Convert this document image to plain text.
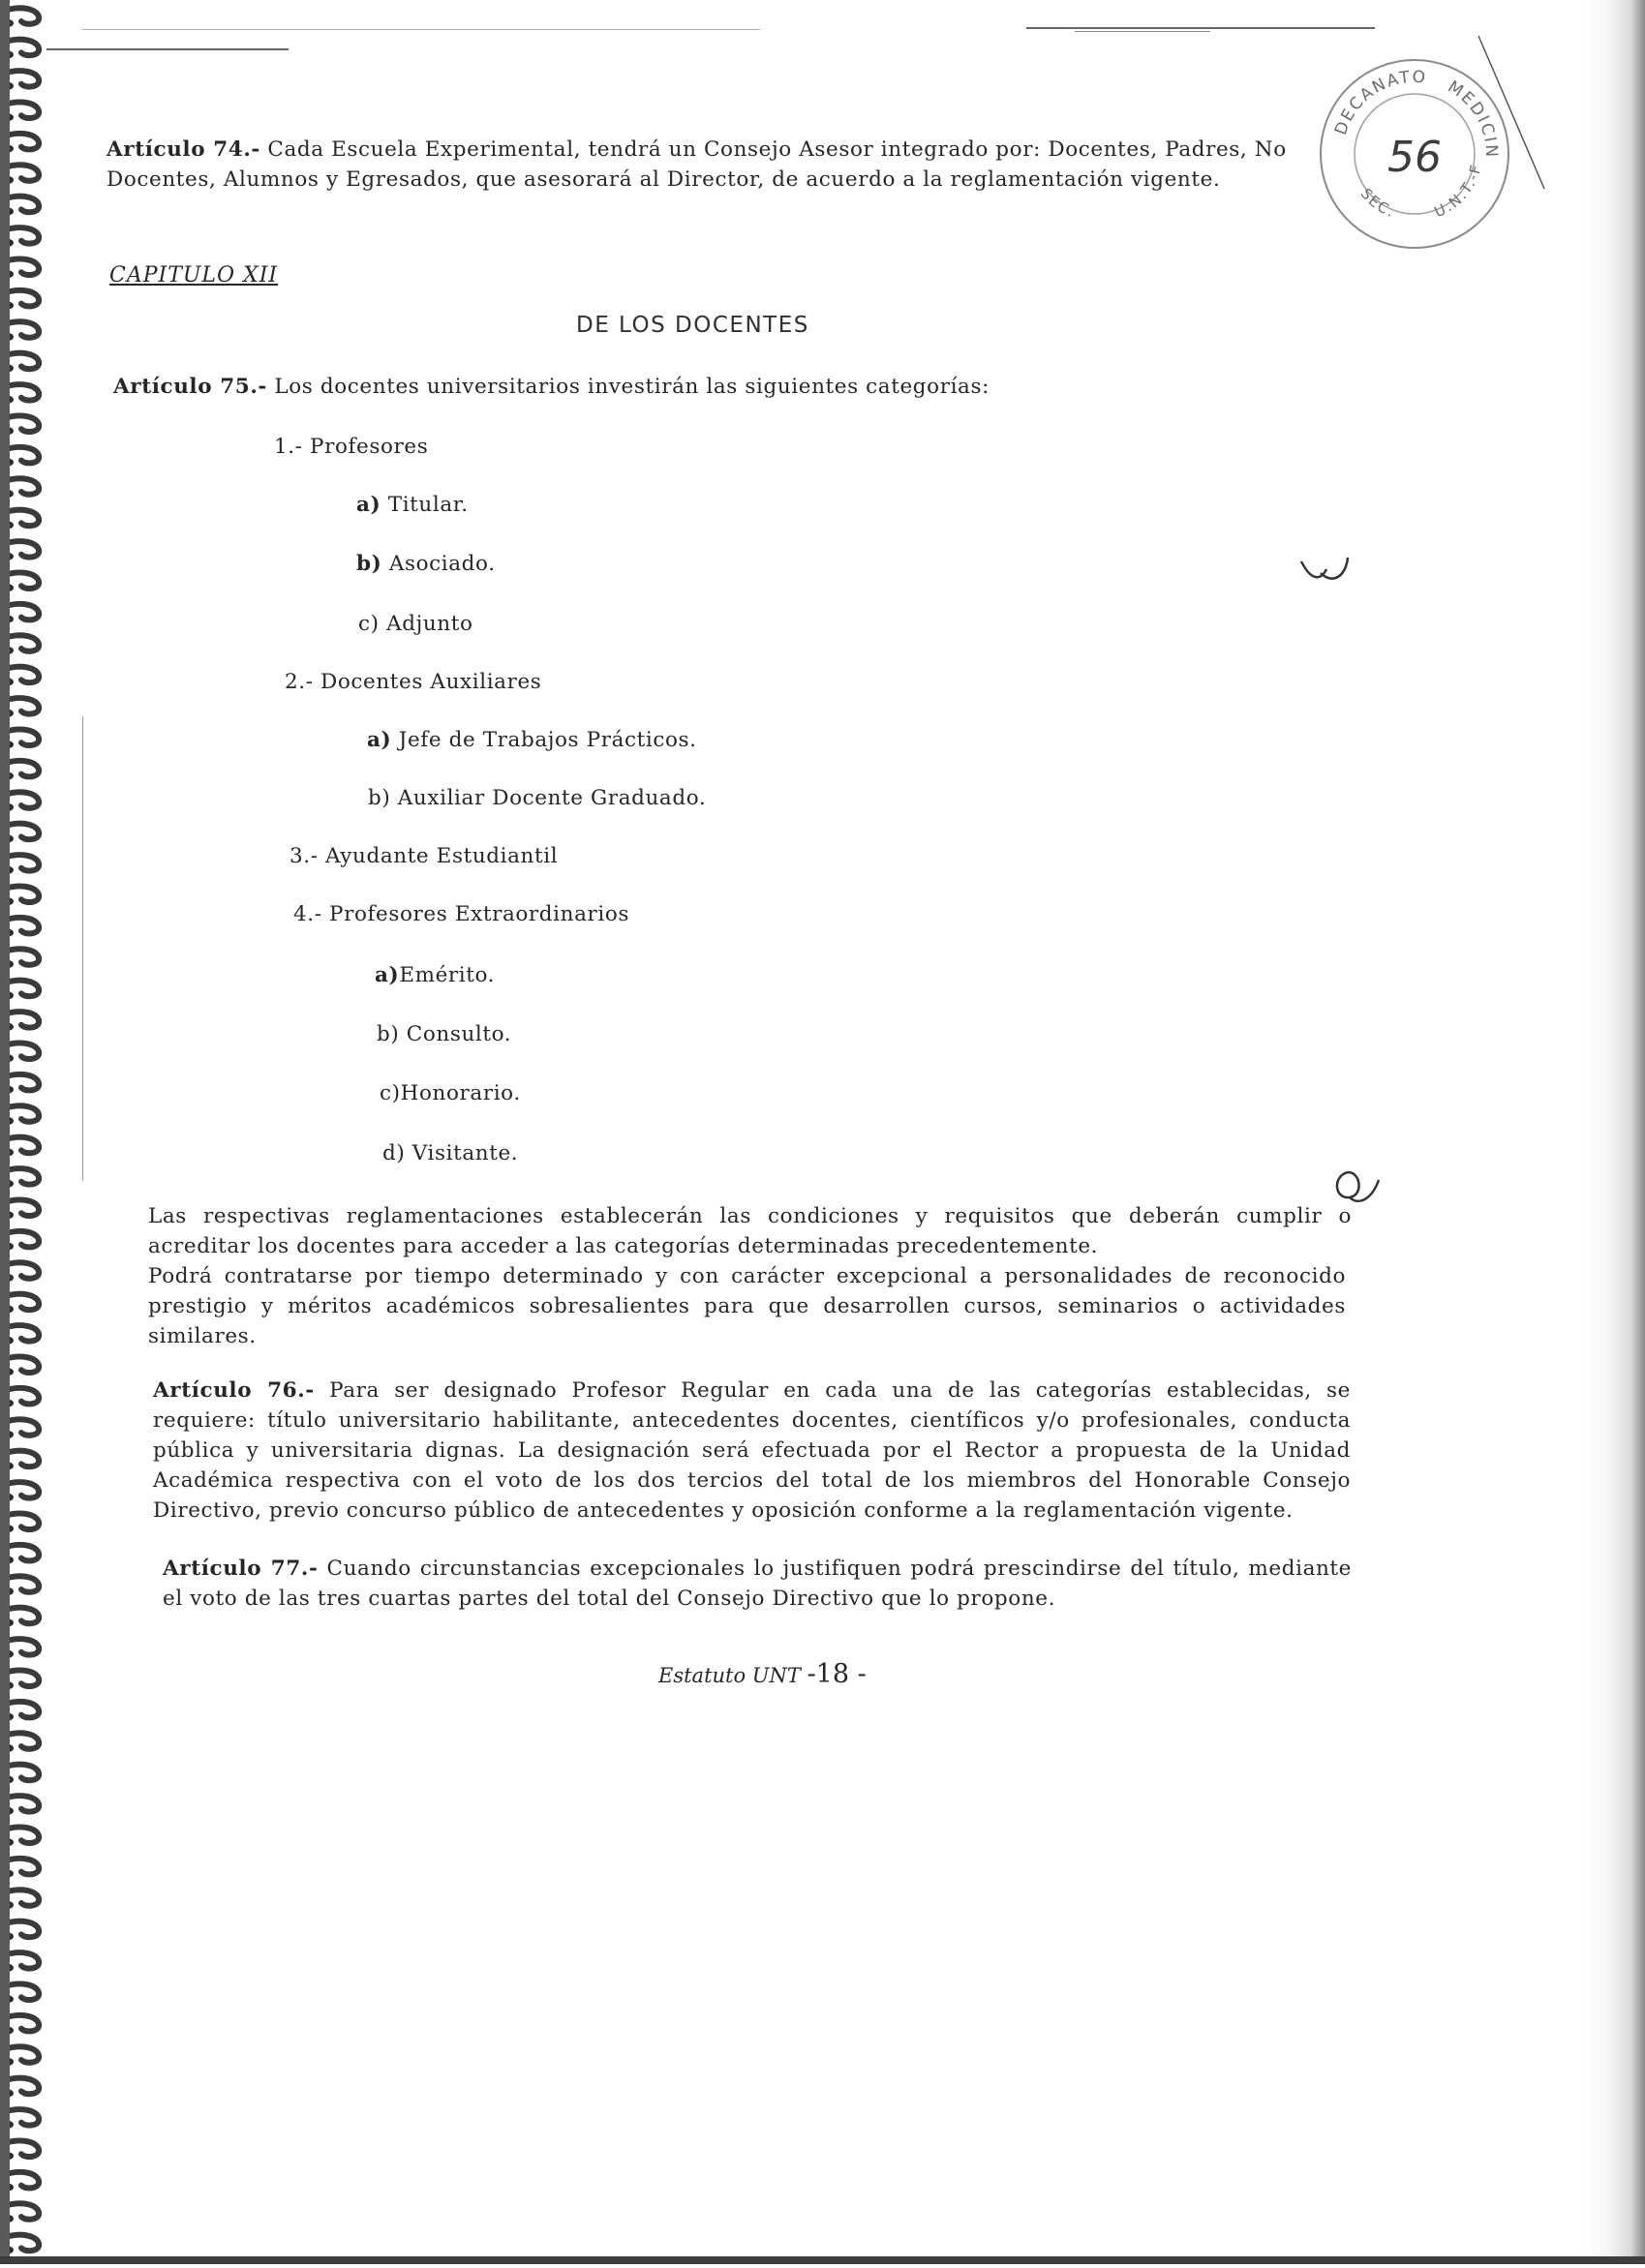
DECANATO MEDICIN
SEC. U.N.T.-F
56

Artículo 74.- Cada Escuela Experimental, tendrá un Consejo Asesor integrado por: Docentes, Padres, No

Docentes, Alumnos y Egresados, que asesorará al Director, de acuerdo a la reglamentación vigente.

CAPITULO XII

DE LOS DOCENTES

Artículo 75.- Los docentes universitarios investirán las siguientes categorías:

1.- Profesores

a) Titular.

b) Asociado.

c) Adjunto

2.- Docentes Auxiliares

a) Jefe de Trabajos Prácticos.

b) Auxiliar Docente Graduado.

3.- Ayudante Estudiantil

4.- Profesores Extraordinarios

a)Emérito.

b) Consulto.

c)Honorario.

d) Visitante.

Las respectivas reglamentaciones establecerán las condiciones y requisitos que deberán cumplir o acreditar los docentes para acceder a las categorías determinadas precedentemente.

Podrá contratarse por tiempo determinado y con carácter excepcional a personalidades de reconocido prestigio y méritos académicos sobresalientes para que desarrollen cursos, seminarios o actividades similares.

Artículo 76.- Para ser designado Profesor Regular en cada una de las categorías establecidas, se requiere: título universitario habilitante, antecedentes docentes, científicos y/o profesionales, conducta pública y universitaria dignas. La designación será efectuada por el Rector a propuesta de la Unidad Académica respectiva con el voto de los dos tercios del total de los miembros del Honorable Consejo Directivo, previo concurso público de antecedentes y oposición conforme a la reglamentación vigente.

Artículo 77.- Cuando circunstancias excepcionales lo justifiquen podrá prescindirse del título, mediante el voto de las tres cuartas partes del total del Consejo Directivo que lo propone.

Estatuto UNT -18 -
